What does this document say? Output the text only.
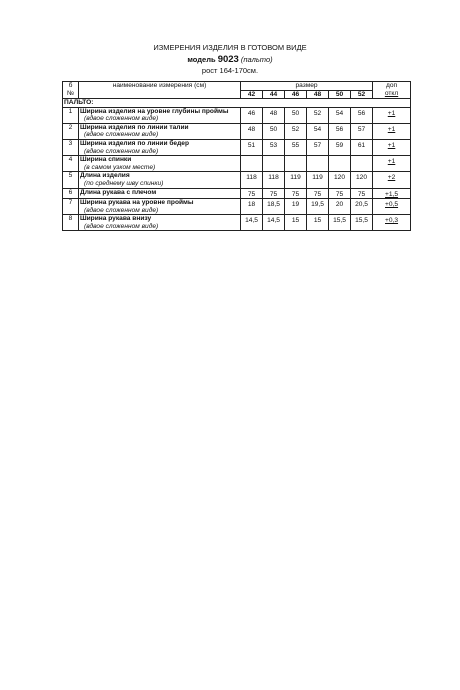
ИЗМЕРЕНИЯ ИЗДЕЛИЯ В ГОТОВОМ ВИДЕ
модель 9023 (пальто)
рост 164-170см.
б
№	наименование измерения (см)	размер						доп
откл
		42	44	46	48	50	52	
ПАЛЬТО:								
1	Ширина изделия на уровне глубины проймы
(вдвое сложенном виде)	46	48	50	52	54	56	+1
2	Ширина изделия по линии талии
(вдвое сложенном виде)	48	50	52	54	56	57	+1
3	Ширина изделия по линии бедер
(вдвое сложенном виде)	51	53	55	57	59	61	+1
4	Ширина спинки
(в самом узком месте)							+1
5	Длина изделия
(по среднему шву спинки)	118	118	119	119	120	120	+2
6	Длина рукава с плечом	75	75	75	75	75	75	+1,5
7	Ширина рукава на уровне проймы
(вдвое сложенном виде)	18	18,5	19	19,5	20	20,5	+0,5
8	Ширина рукава внизу
(вдвое сложенном виде)	14,5	14,5	15	15	15,5	15,5	+0,3
